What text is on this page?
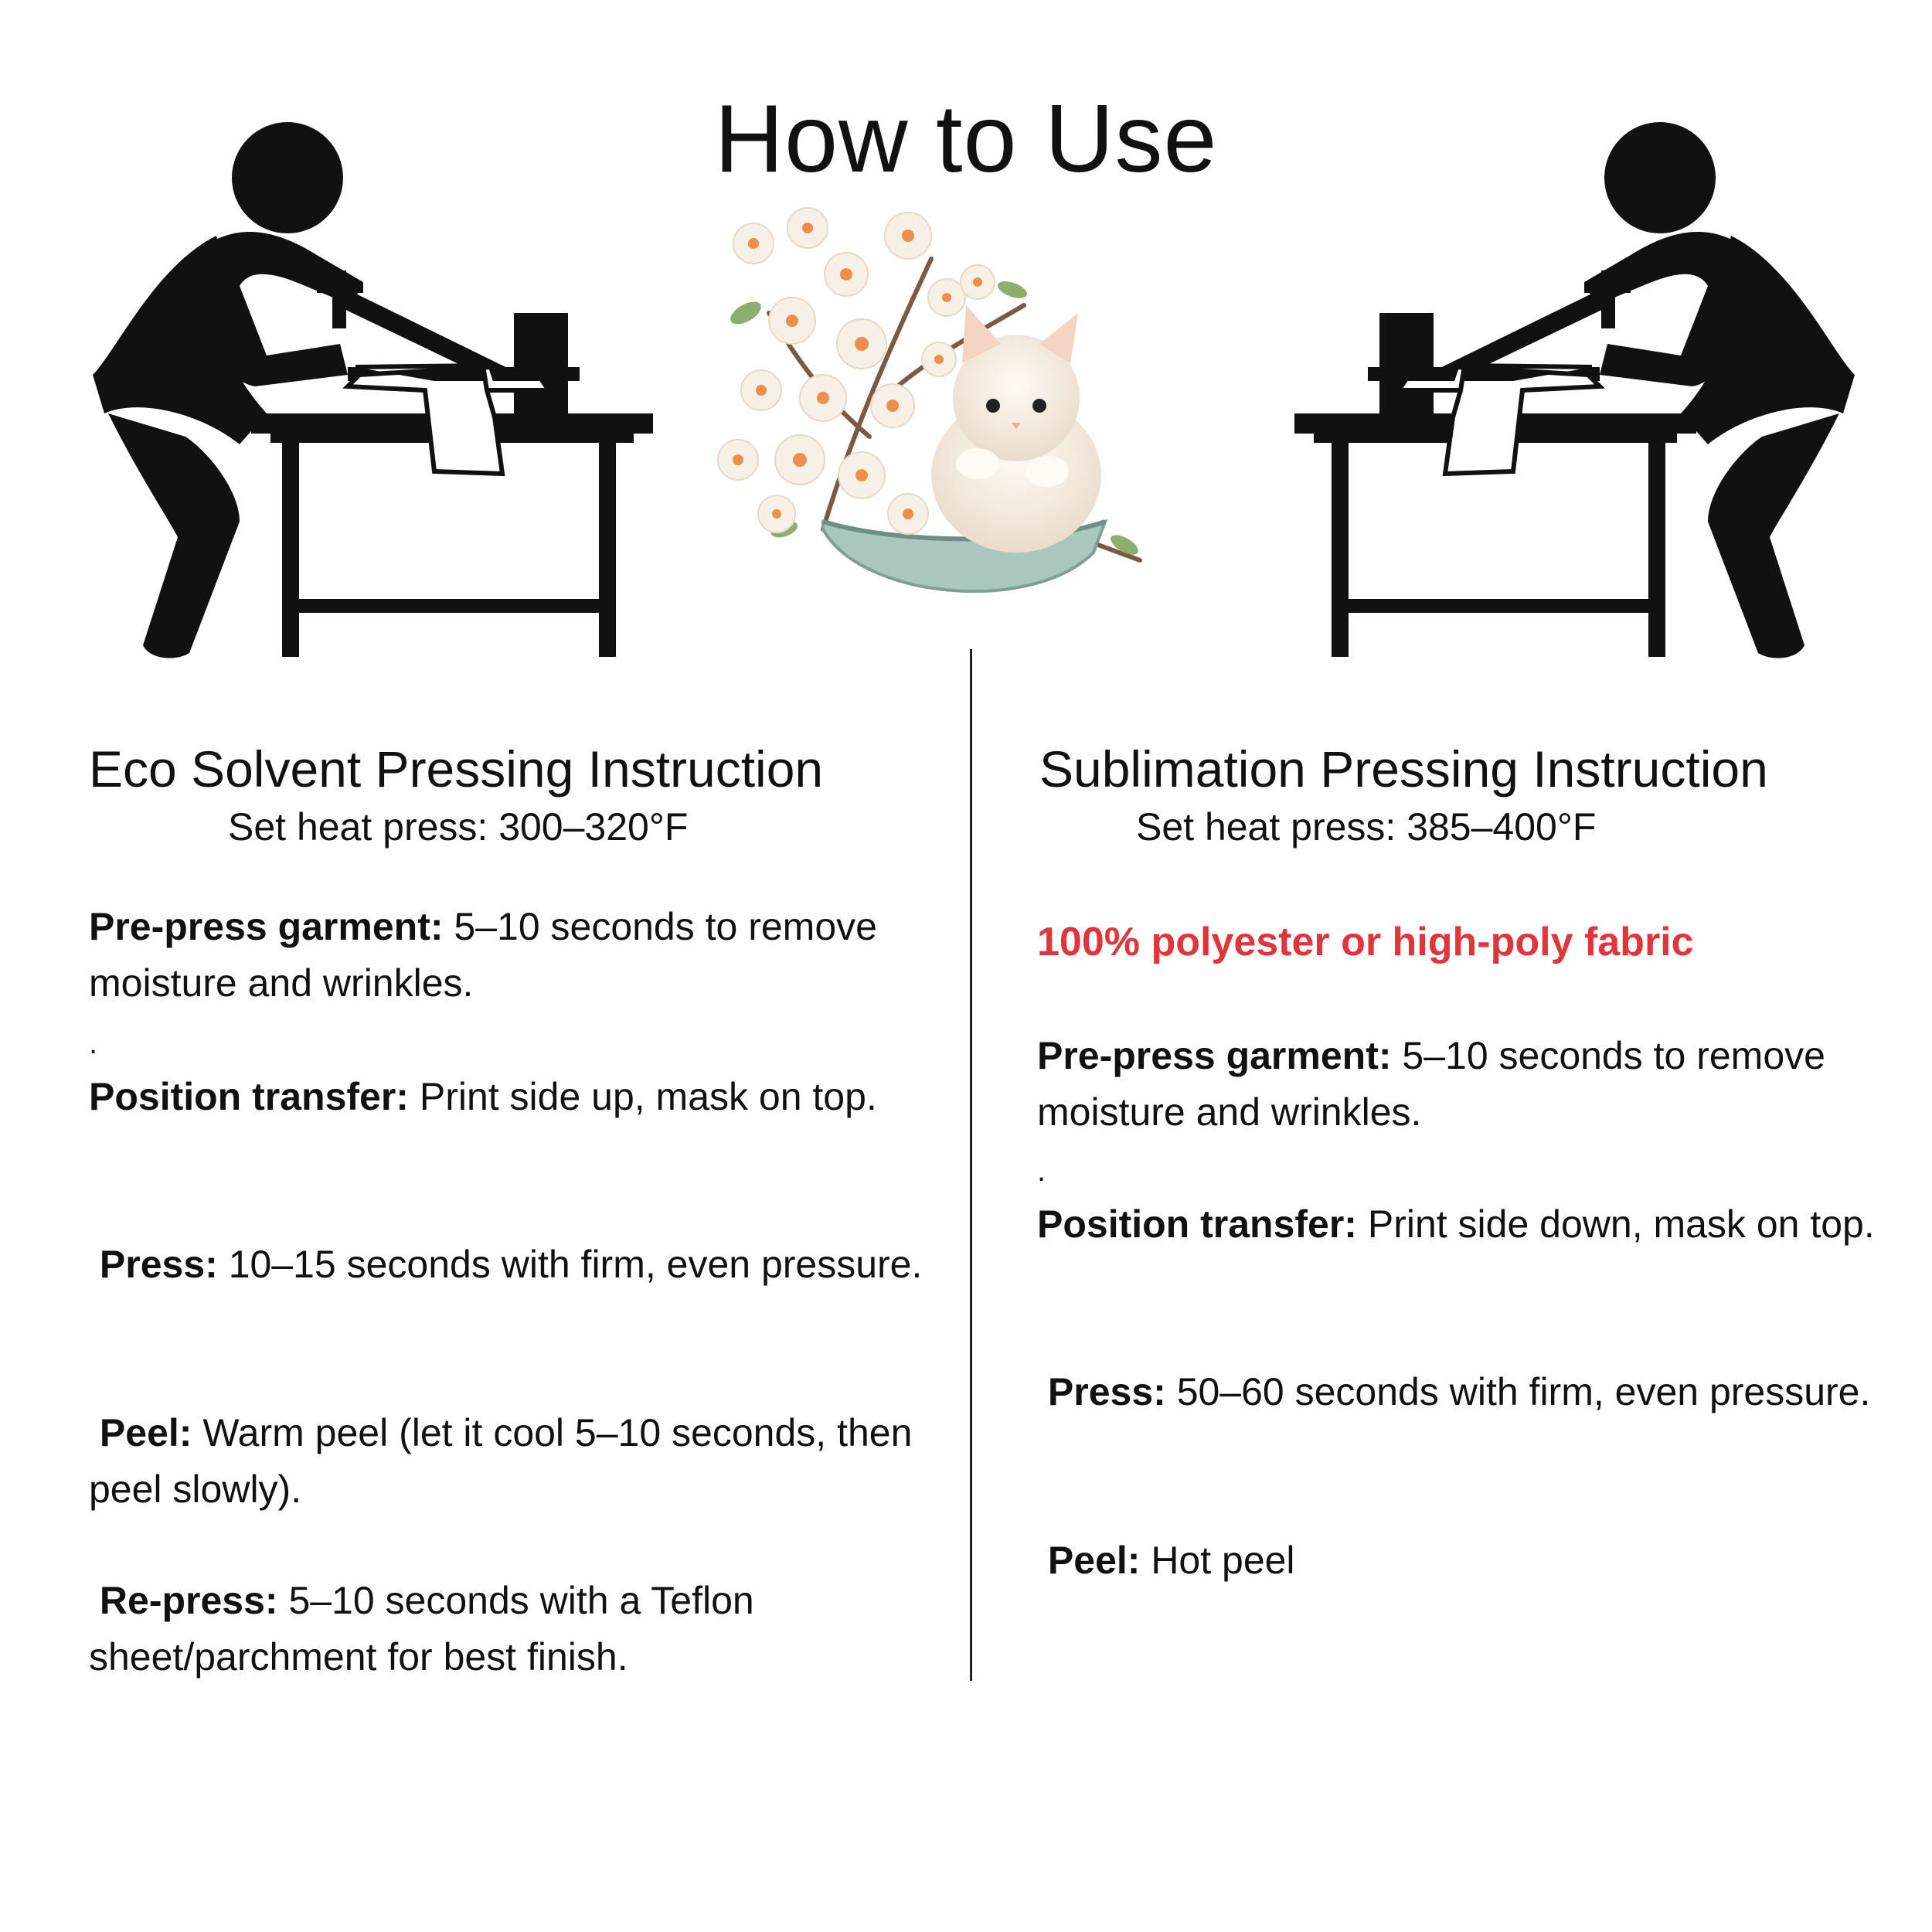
How to Use
Eco Solvent Pressing Instruction
Set heat press: 300–320°F
Pre-press garment: 5–10 seconds to remove moisture and wrinkles.
.
Position transfer: Print side up, mask on top.
Press: 10–15 seconds with firm, even pressure.
Peel: Warm peel (let it cool 5–10 seconds, then peel slowly).
Re-press: 5–10 seconds with a Teflon sheet/parchment for best finish.
Sublimation Pressing Instruction
Set heat press: 385–400°F
100% polyester or high-poly fabric
Pre-press garment: 5–10 seconds to remove moisture and wrinkles.
.
Position transfer: Print side down, mask on top.
Press: 50–60 seconds with firm, even pressure.
Peel: Hot peel
